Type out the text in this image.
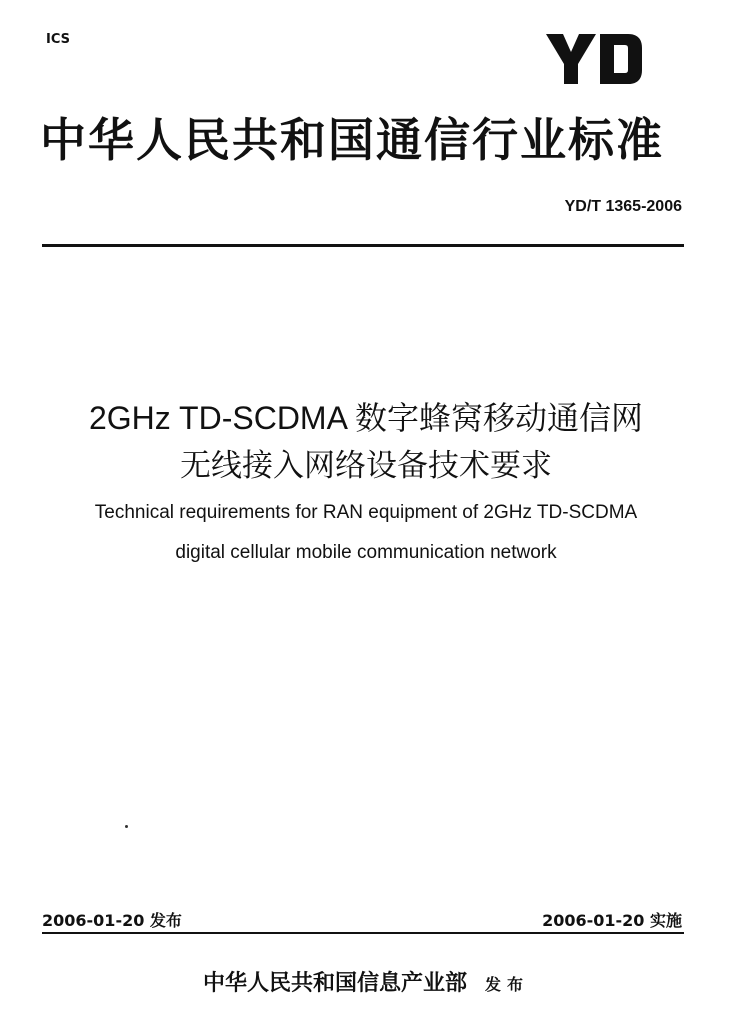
ICS
中华人民共和国通信行业标准
YD/T 1365-2006
2GHz TD-SCDMA 数字蜂窝移动通信网
无线接入网络设备技术要求
Technical requirements for RAN equipment of 2GHz TD-SCDMA
digital cellular mobile communication network
2006-01-20 发布	2006-01-20 实施
中华人民共和国信息产业部 发布
